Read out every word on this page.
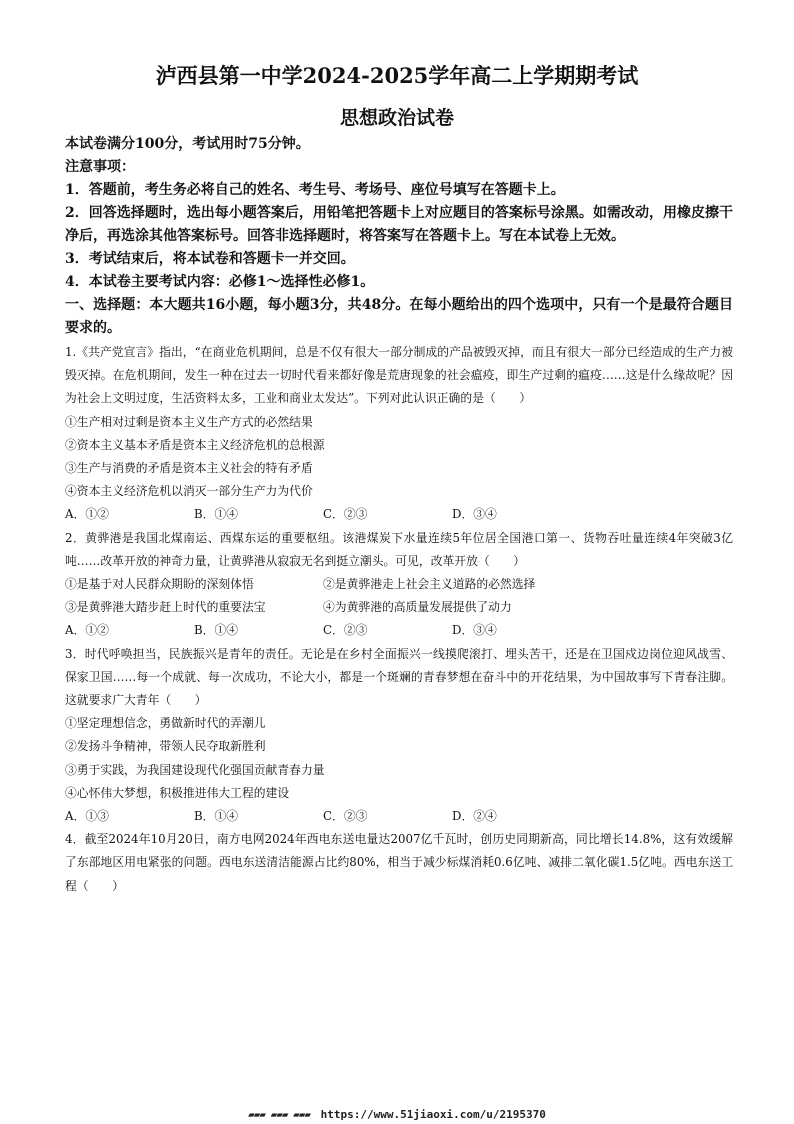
泸西县第一中学2024-2025学年高二上学期期考试
思想政治试卷

本试卷满分100分，考试用时75分钟。

注意事项：

1．答题前，考生务必将自己的姓名、考生号、考场号、座位号填写在答题卡上。

2．回答选择题时，选出每小题答案后，用铅笔把答题卡上对应题目的答案标号涂黑。如需改动，用橡皮擦干净后，再选涂其他答案标号。回答非选择题时，将答案写在答题卡上。写在本试卷上无效。

3．考试结束后，将本试卷和答题卡一并交回。

4．本试卷主要考试内容：必修1～选择性必修1。

一、选择题：本大题共16小题，每小题3分，共48分。在每小题给出的四个选项中，只有一个是最符合题目要求的。

1.《共产党宣言》指出，“在商业危机期间，总是不仅有很大一部分制成的产品被毁灭掉，而且有很大一部分已经造成的生产力被毁灭掉。在危机期间，发生一种在过去一切时代看来都好像是荒唐现象的社会瘟疫，即生产过剩的瘟疫……这是什么缘故呢？因为社会上文明过度，生活资料太多，工业和商业太发达”。下列对此认识正确的是（　　）

①生产相对过剩是资本主义生产方式的必然结果

②资本主义基本矛盾是资本主义经济危机的总根源

③生产与消费的矛盾是资本主义社会的特有矛盾

④资本主义经济危机以消灭一部分生产力为代价

A．①②	B．①④	C．②③	D．③④

2．黄骅港是我国北煤南运、西煤东运的重要枢纽。该港煤炭下水量连续5年位居全国港口第一、货物吞吐量连续4年突破3亿吨……改革开放的神奇力量，让黄骅港从寂寂无名到挺立潮头。可见，改革开放（　　）

①是基于对人民群众期盼的深刻体悟	②是黄骅港走上社会主义道路的必然选择
③是黄骅港大踏步赶上时代的重要法宝	④为黄骅港的高质量发展提供了动力
A．①②	B．①④	C．②③	D．③④

3．时代呼唤担当，民族振兴是青年的责任。无论是在乡村全面振兴一线摸爬滚打、埋头苦干，还是在卫国戍边岗位迎风战雪、保家卫国……每一个成就、每一次成功，不论大小，都是一个斑斓的青春梦想在奋斗中的开花结果，为中国故事写下青春注脚。这就要求广大青年（　　）

①坚定理想信念，勇做新时代的弄潮儿

②发扬斗争精神，带领人民夺取新胜利

③勇于实践，为我国建设现代化强国贡献青春力量

④心怀伟大梦想，积极推进伟大工程的建设

A．①③	B．①④	C．②③	D．②④

4．截至2024年10月20日，南方电网2024年西电东送电量达2007亿千瓦时，创历史同期新高，同比增长14.8%，这有效缓解了东部地区用电紧张的问题。西电东送清洁能源占比约80%，相当于减少标煤消耗0.6亿吨、减排二氧化碳1.5亿吨。西电东送工程（　　）

▰▰▰ ▰▰▰ ▰▰▰ https://www.51jiaoxi.com/u/2195370
